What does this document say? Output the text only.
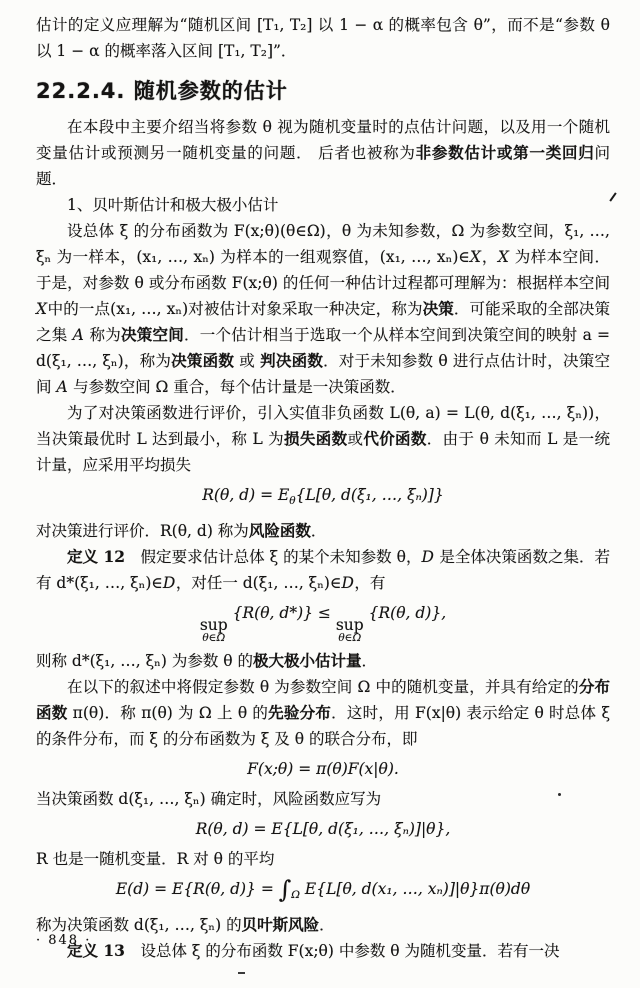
估计的定义应理解为“随机区间 [T₁, T₂] 以 1 − α 的概率包含 θ”，而不是“参数 θ 以 1 − α 的概率落入区间 [T₁, T₂]”．

22.2.4. 随机参数的估计

在本段中主要介绍当将参数 θ 视为随机变量时的点估计问题，以及用一个随机变量估计或预测另一随机变量的问题． 后者也被称为非参数估计或第一类回归问题．

1、贝叶斯估计和极大极小估计

设总体 ξ 的分布函数为 F(x;θ)(θ∈Ω)，θ 为未知参数，Ω 为参数空间，ξ₁, …, ξₙ 为一样本，(x₁, …, xₙ) 为样本的一组观察值，(x₁, …, xₙ)∈X，X 为样本空间． 于是，对参数 θ 或分布函数 F(x;θ) 的任何一种估计过程都可理解为：根据样本空间X中的一点(x₁, …, xₙ)对被估计对象采取一种决定，称为决策．可能采取的全部决策之集 A 称为决策空间．一个估计相当于选取一个从样本空间到决策空间的映射 a = d(ξ₁, …, ξₙ)，称为决策函数 或 判决函数．对于未知参数 θ 进行点估计时，决策空间 A 与参数空间 Ω 重合，每个估计量是一决策函数．

为了对决策函数进行评价，引入实值非负函数 L(θ, a) = L(θ, d(ξ₁, …, ξₙ))，当决策最优时 L 达到最小，称 L 为损失函数或代价函数．由于 θ 未知而 L 是一统计量，应采用平均损失

R(θ, $d) = E_\theta\{L[\theta$, d(ξ₁, …, ξₙ)]}

对决策进行评价．R(θ, d) 称为风险函数．

定义 12　假定要求估计总体 ξ 的某个未知参数 θ，D 是全体决策函数之集．若有 d*(ξ₁, …, ξₙ)∈D，对任一 d(ξ₁, …, ξₙ)∈D，有

sup
θ∈Ω
{R(θ, d*)} ≤
sup
θ∈Ω
{R(θ, d)},

则称 d*(ξ₁, …, ξₙ) 为参数 θ 的极大极小估计量．

在以下的叙述中将假定参数 θ 为参数空间 Ω 中的随机变量，并具有给定的分布函数 π(θ)．称 π(θ) 为 Ω 上 θ 的先验分布．这时，用 F(x|θ) 表示给定 θ 时总体 ξ 的条件分布，而 ξ 的分布函数为 ξ 及 θ 的联合分布，即

F(x;θ) = π(θ)F(x|θ).

当决策函数 d(ξ₁, …, ξₙ) 确定时，风险函数应写为

R(θ, d) = E{L[θ, d(ξ₁, …, ξₙ)]|θ},

R 也是一随机变量．R 对 θ 的平均

E(d) = E{R(θ, $d)\} = \int_\Omega$ E{L[θ, d(x₁, …, xₙ)]|θ}π(θ)dθ

称为决策函数 d(ξ₁, …, ξₙ) 的贝叶斯风险．

定义 13　设总体 ξ 的分布函数 F(x;θ) 中参数 θ 为随机变量．若有一决

· 848 ·
